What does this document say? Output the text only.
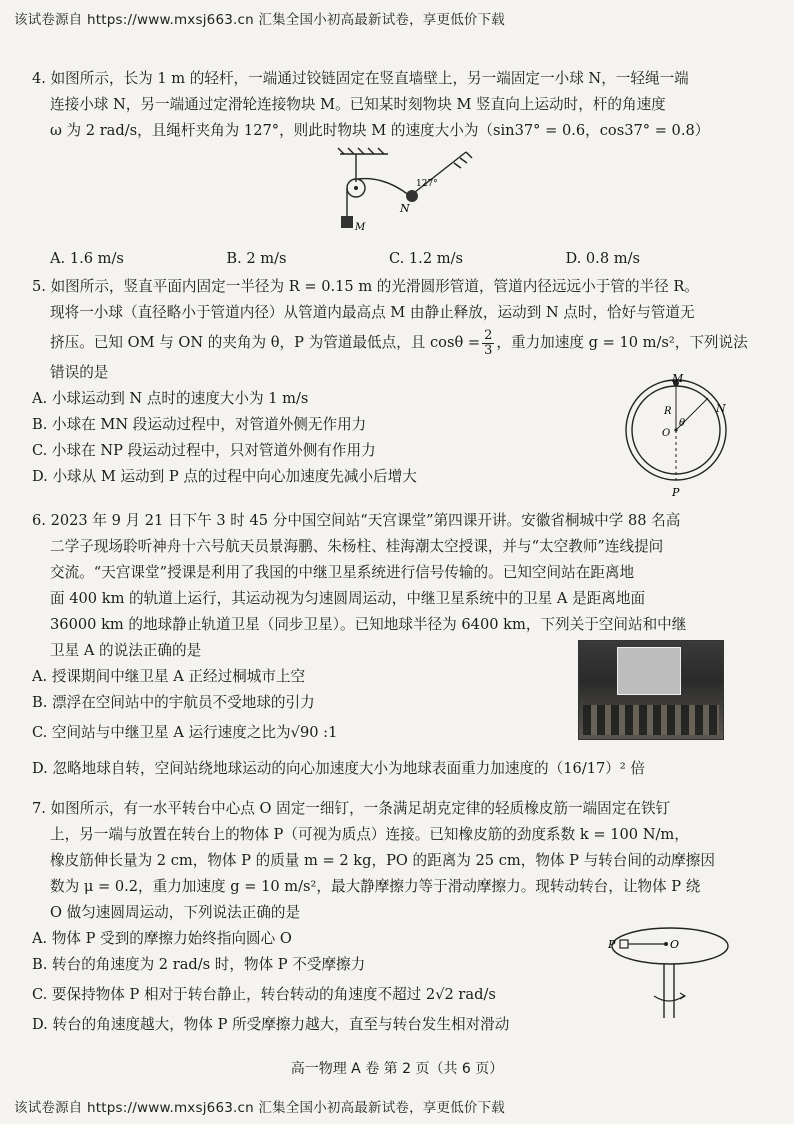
该试卷源自 https://www.mxsj663.cn 汇集全国小初高最新试卷，享更低价下载

4. 如图所示，长为 1 m 的轻杆，一端通过铰链固定在竖直墙壁上，另一端固定一小球 N，一轻绳一端

连接小球 N，另一端通过定滑轮连接物块 M。已知某时刻物块 M 竖直向上运动时，杆的角速度

ω 为 2 rad/s，且绳杆夹角为 127°，则此时物块 M 的速度大小为（sin37° = 0.6，cos37° = 0.8）

127°
N
M
A. 1.6 m/s	B. 2 m/s	C. 1.2 m/s	D. 0.8 m/s

5. 如图所示，竖直平面内固定一半径为 R = 0.15 m 的光滑圆形管道，管道内径远远小于管的半径 R。

现将一小球（直径略小于管道内径）从管道内最高点 M 由静止释放，运动到 N 点时，恰好与管道无

挤压。已知 OM 与 ON 的夹角为 θ，P 为管道最低点，且 $\cos\theta = \frac{2}{3}$ ，重力加速度 g = 10 m/s²，下列说法

错误的是

A. 小球运动到 N 点时的速度大小为 1 m/s

B. 小球在 MN 段运动过程中，对管道外侧无作用力

C. 小球在 NP 段运动过程中，只对管道外侧有作用力

D. 小球从 M 运动到 P 点的过程中向心加速度先减小后增大

M
N
R
O
θ
P

6. 2023 年 9 月 21 日下午 3 时 45 分中国空间站“天宫课堂”第四课开讲。安徽省桐城中学 88 名高

二学子现场聆听神舟十六号航天员景海鹏、朱杨柱、桂海潮太空授课，并与“太空教师”连线提问

交流。“天宫课堂”授课是利用了我国的中继卫星系统进行信号传输的。已知空间站在距离地

面 400 km 的轨道上运行，其运动视为匀速圆周运动，中继卫星系统中的卫星 A 是距离地面

36000 km 的地球静止轨道卫星（同步卫星）。已知地球半径为 6400 km，下列关于空间站和中继

卫星 A 的说法正确的是

A. 授课期间中继卫星 A 正经过桐城市上空

B. 漂浮在空间站中的宇航员不受地球的引力

C. 空间站与中继卫星 A 运行速度之比为√90 :1

D. 忽略地球自转，空间站绕地球运动的向心加速度大小为地球表面重力加速度的（16/17）² 倍

7. 如图所示，有一水平转台中心点 O 固定一细钉，一条满足胡克定律的轻质橡皮筋一端固定在铁钉

上，另一端与放置在转台上的物体 P（可视为质点）连接。已知橡皮筋的劲度系数 k = 100 N/m，

橡皮筋伸长量为 2 cm，物体 P 的质量 m = 2 kg，PO 的距离为 25 cm，物体 P 与转台间的动摩擦因

数为 μ = 0.2，重力加速度 g = 10 m/s²，最大静摩擦力等于滑动摩擦力。现转动转台，让物体 P 绕

O 做匀速圆周运动，下列说法正确的是

A. 物体 P 受到的摩擦力始终指向圆心 O

B. 转台的角速度为 2 rad/s 时，物体 P 不受摩擦力

C. 要保持物体 P 相对于转台静止，转台转动的角速度不超过 2√2 rad/s

D. 转台的角速度越大，物体 P 所受摩擦力越大，直至与转台发生相对滑动

P	O
高一物理 A 卷 第 2 页（共 6 页）
该试卷源自 https://www.mxsj663.cn 汇集全国小初高最新试卷，享更低价下载
